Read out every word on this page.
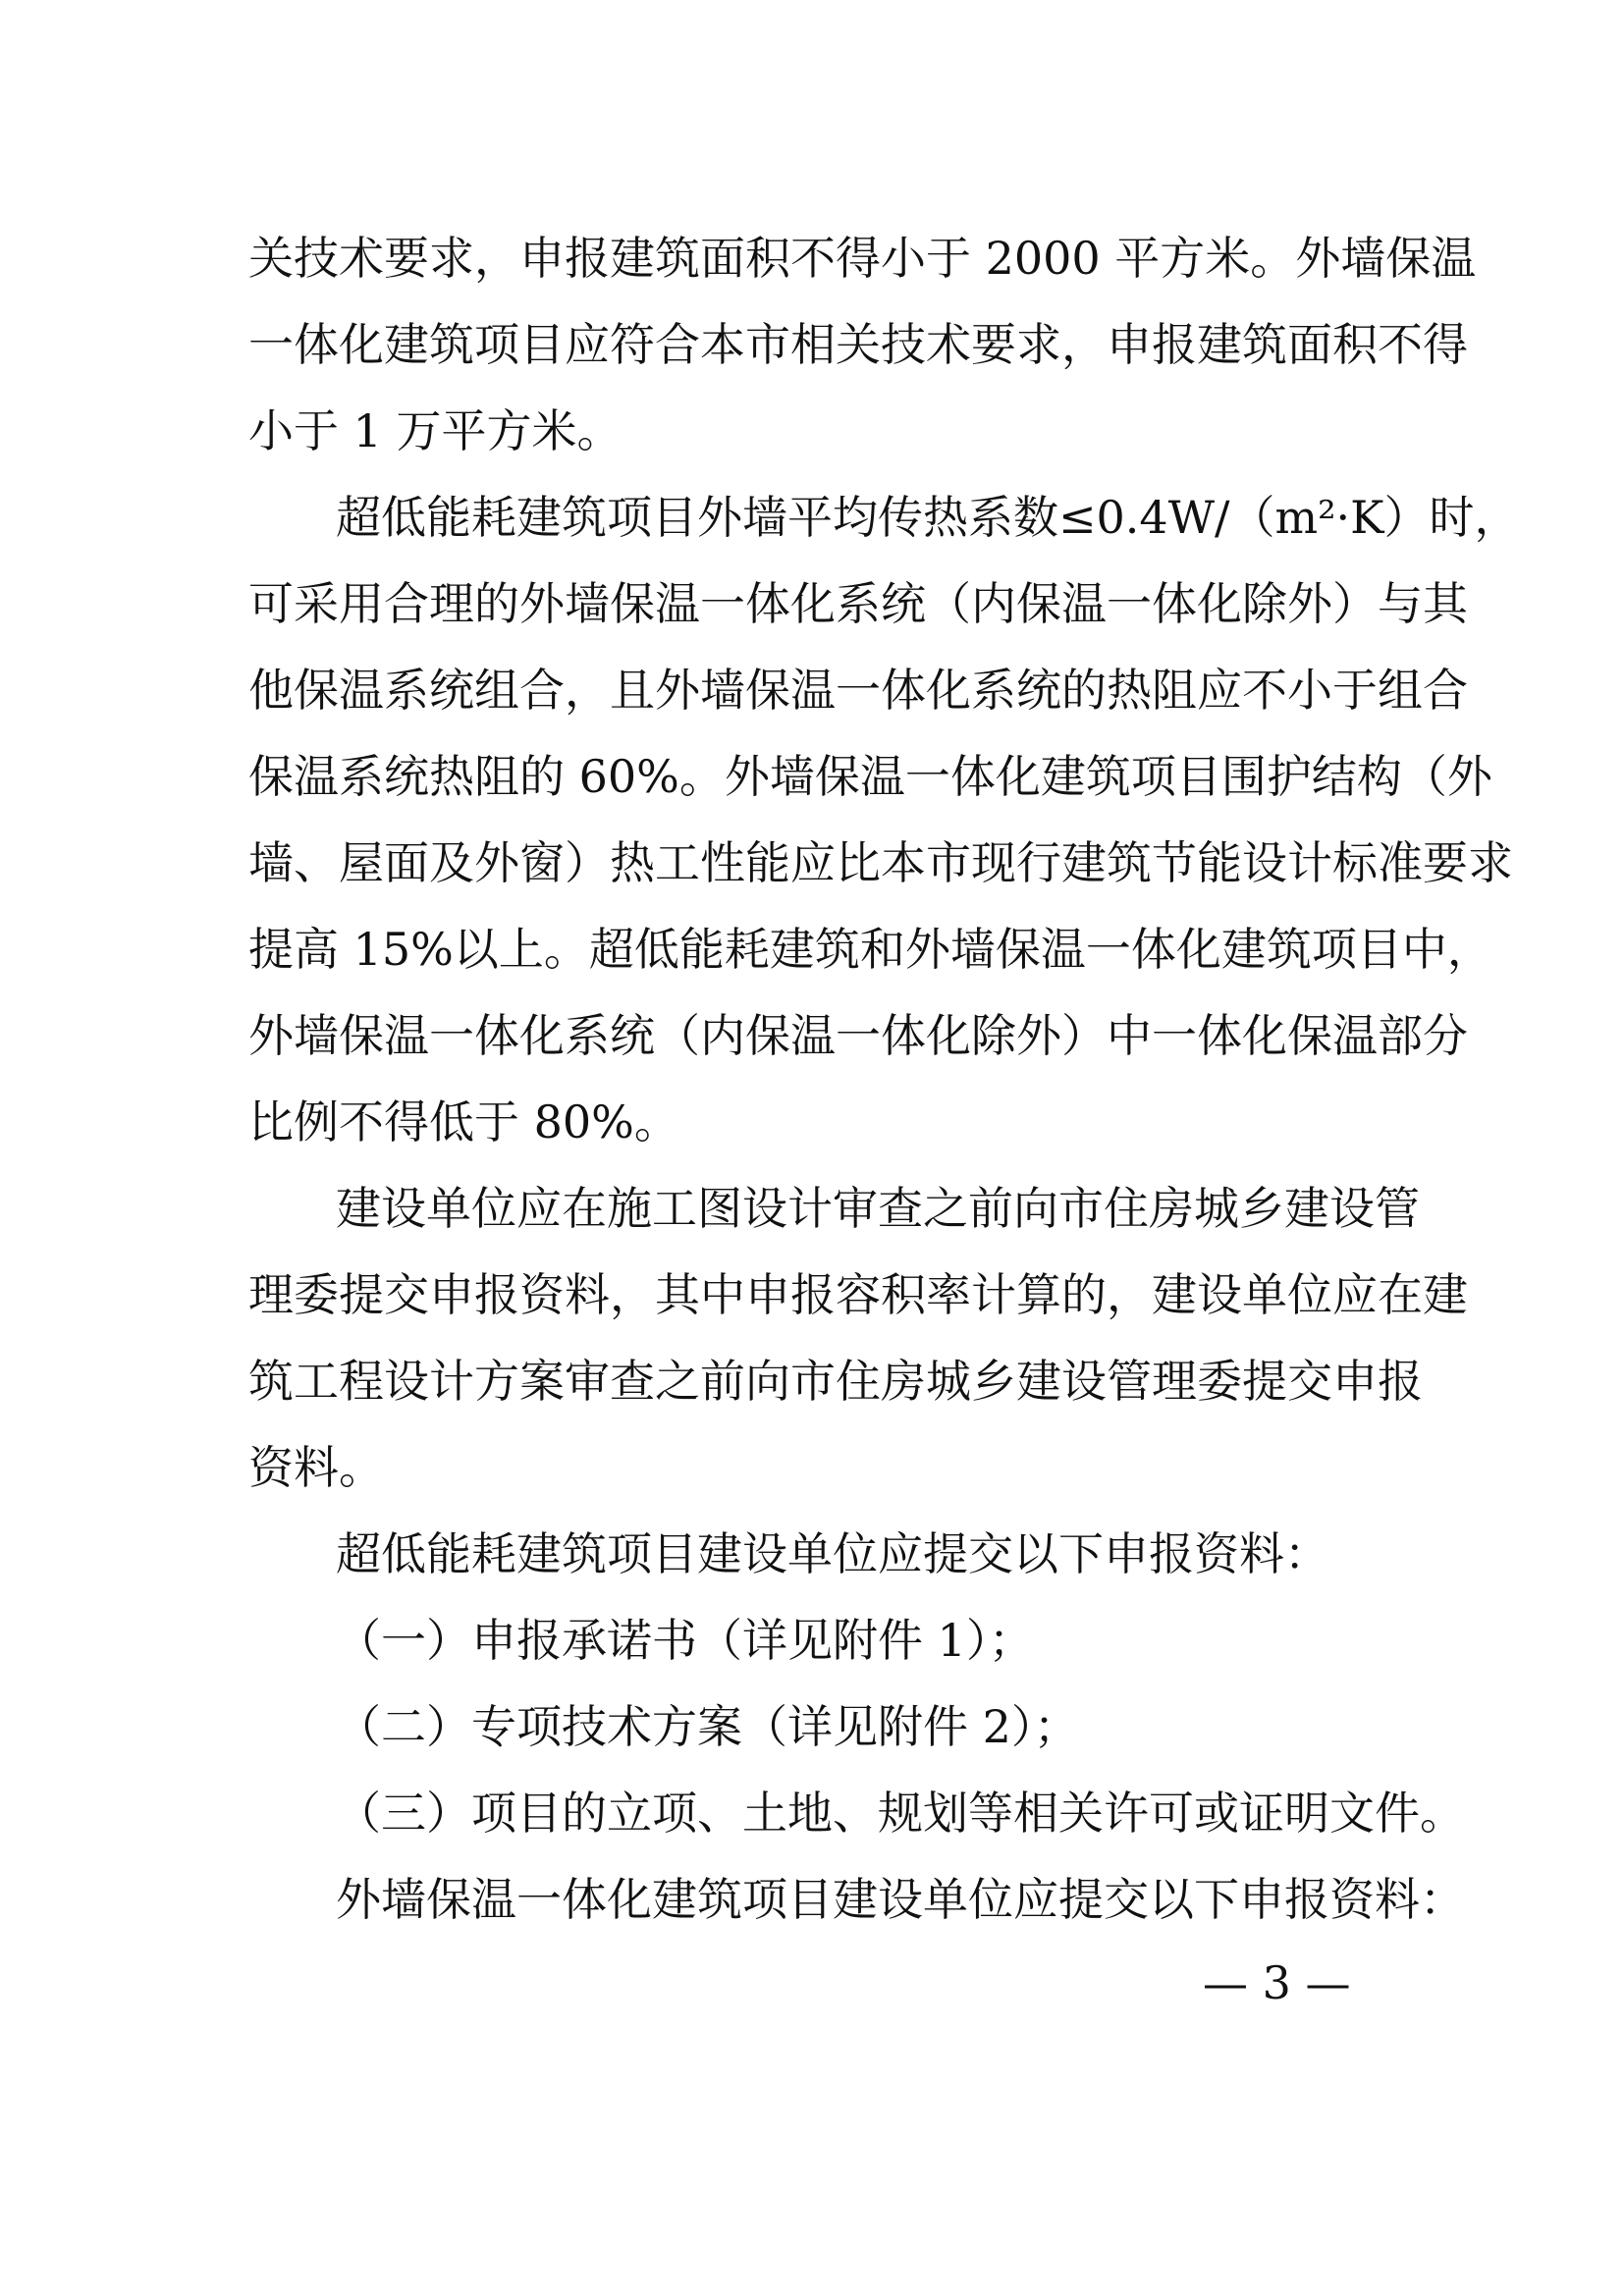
关技术要求，申报建筑面积不得小于 2000 平方米。外墙保温
一体化建筑项目应符合本市相关技术要求，申报建筑面积不得
小于 1 万平方米。
超低能耗建筑项目外墙平均传热系数≤0.4W/（m²·K）时，
可采用合理的外墙保温一体化系统（内保温一体化除外）与其
他保温系统组合，且外墙保温一体化系统的热阻应不小于组合
保温系统热阻的 60%。外墙保温一体化建筑项目围护结构（外
墙、屋面及外窗）热工性能应比本市现行建筑节能设计标准要求
提高 15%以上。超低能耗建筑和外墙保温一体化建筑项目中，
外墙保温一体化系统（内保温一体化除外）中一体化保温部分
比例不得低于 80%。
建设单位应在施工图设计审查之前向市住房城乡建设管
理委提交申报资料，其中申报容积率计算的，建设单位应在建
筑工程设计方案审查之前向市住房城乡建设管理委提交申报
资料。
超低能耗建筑项目建设单位应提交以下申报资料：
（一）申报承诺书（详见附件 1）；
（二）专项技术方案（详见附件 2）；
（三）项目的立项、土地、规划等相关许可或证明文件。
外墙保温一体化建筑项目建设单位应提交以下申报资料：
— 3 —
